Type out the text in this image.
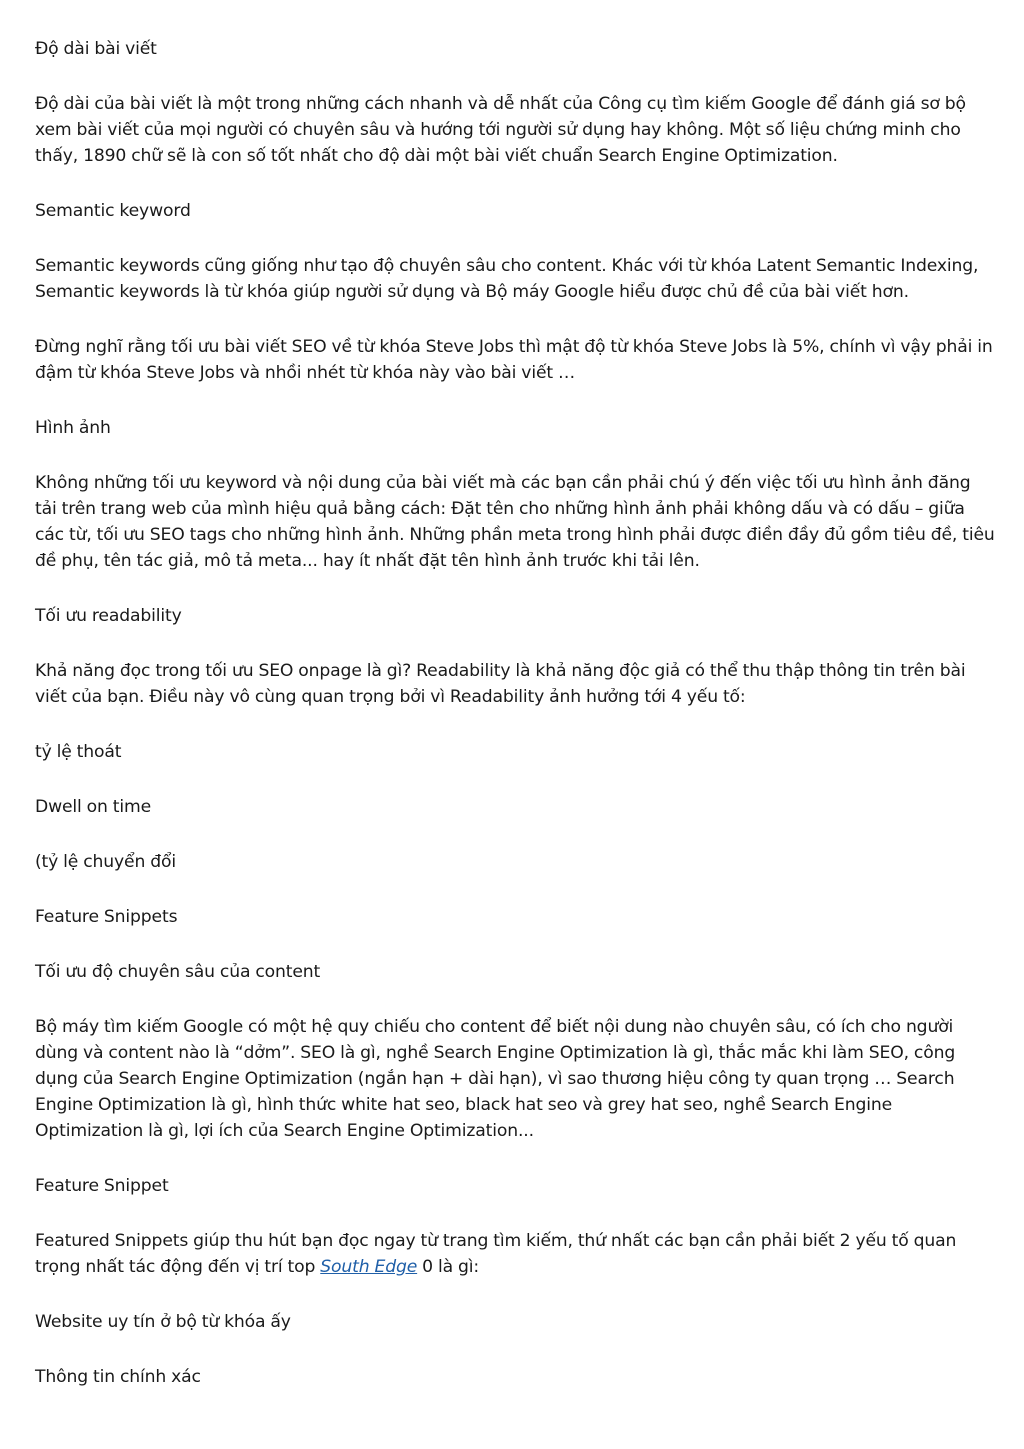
Độ dài bài viết

Độ dài của bài viết là một trong những cách nhanh và dễ nhất của Công cụ tìm kiếm Google để đánh giá sơ bộ xem bài viết của mọi người có chuyên sâu và hướng tới người sử dụng hay không. Một số liệu chứng minh cho thấy, 1890 chữ sẽ là con số tốt nhất cho độ dài một bài viết chuẩn Search Engine Optimization.

Semantic keyword

Semantic keywords cũng giống như tạo độ chuyên sâu cho content. Khác với từ khóa Latent Semantic Indexing, Semantic keywords là từ khóa giúp người sử dụng và Bộ máy Google hiểu được chủ đề của bài viết hơn.

Đừng nghĩ rằng tối ưu bài viết SEO về từ khóa Steve Jobs thì mật độ từ khóa Steve Jobs là 5%, chính vì vậy phải in đậm từ khóa Steve Jobs và nhồi nhét từ khóa này vào bài viết …

Hình ảnh

Không những tối ưu keyword và nội dung của bài viết mà các bạn cần phải chú ý đến việc tối ưu hình ảnh đăng tải trên trang web của mình hiệu quả bằng cách: Đặt tên cho những hình ảnh phải không dấu và có dấu – giữa các từ, tối ưu SEO tags cho những hình ảnh. Những phần meta trong hình phải được điền đầy đủ gồm tiêu đề, tiêu đề phụ, tên tác giả, mô tả meta... hay ít nhất đặt tên hình ảnh trước khi tải lên.

Tối ưu readability

Khả năng đọc trong tối ưu SEO onpage là gì? Readability là khả năng độc giả có thể thu thập thông tin trên bài viết của bạn. Điều này vô cùng quan trọng bởi vì Readability ảnh hưởng tới 4 yếu tố:

tỷ lệ thoát

Dwell on time

(tỷ lệ chuyển đổi

Feature Snippets

Tối ưu độ chuyên sâu của content

Bộ máy tìm kiếm Google có một hệ quy chiếu cho content để biết nội dung nào chuyên sâu, có ích cho người dùng và content nào là “dởm”. SEO là gì, nghề Search Engine Optimization là gì, thắc mắc khi làm SEO, công dụng của Search Engine Optimization (ngắn hạn + dài hạn), vì sao thương hiệu công ty quan trọng … Search Engine Optimization là gì, hình thức white hat seo, black hat seo và grey hat seo, nghề Search Engine Optimization là gì, lợi ích của Search Engine Optimization...

Feature Snippet

Featured Snippets giúp thu hút bạn đọc ngay từ trang tìm kiếm, thứ nhất các bạn cần phải biết 2 yếu tố quan trọng nhất tác động đến vị trí top South Edge 0 là gì:

Website uy tín ở bộ từ khóa ấy

Thông tin chính xác
